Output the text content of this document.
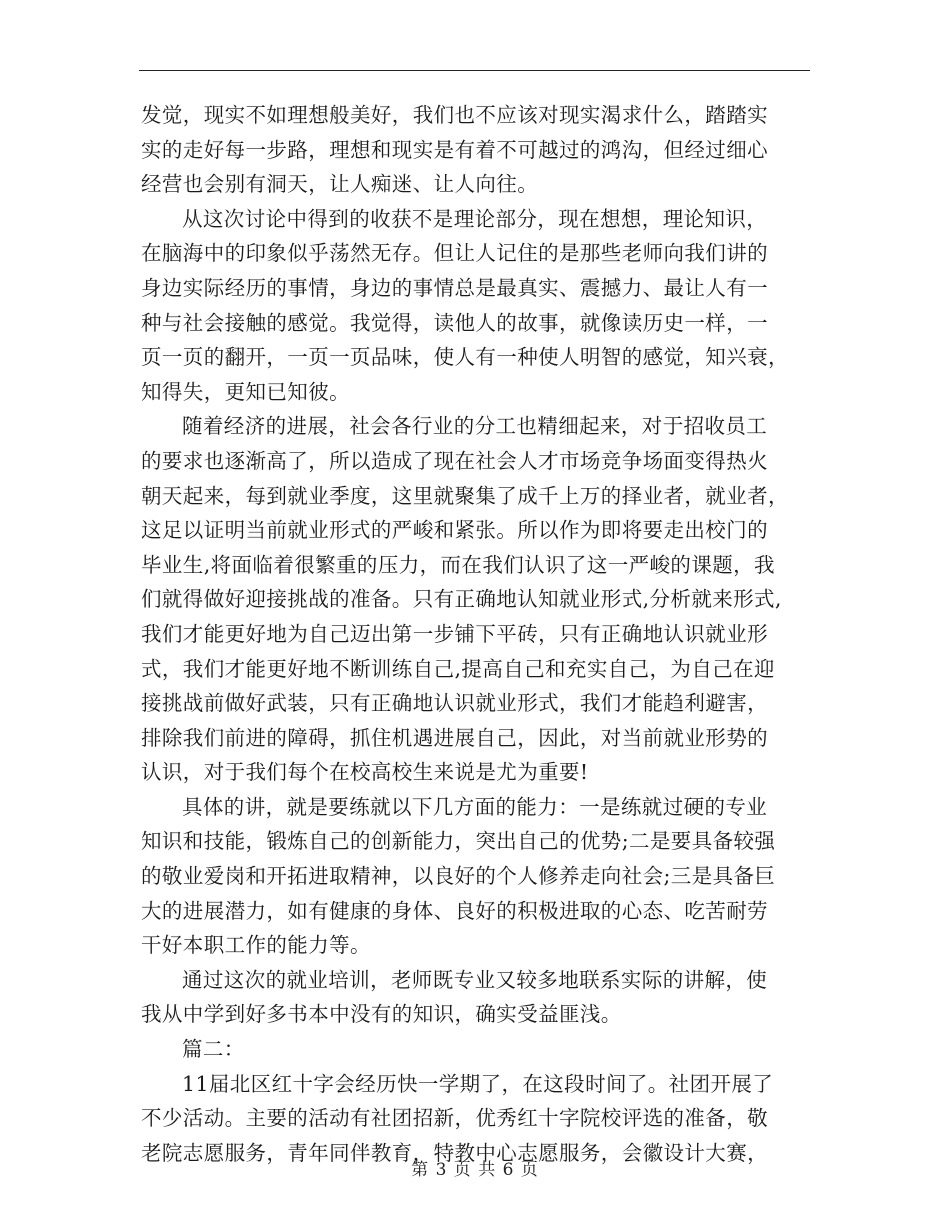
发觉，现实不如理想般美好，我们也不应该对现实渴求什么，踏踏实
实的走好每一步路，理想和现实是有着不可越过的鸿沟，但经过细心
经营也会别有洞天，让人痴迷、让人向往。
从这次讨论中得到的收获不是理论部分，现在想想，理论知识，
在脑海中的印象似乎荡然无存。但让人记住的是那些老师向我们讲的
身边实际经历的事情，身边的事情总是最真实、震撼力、最让人有一
种与社会接触的感觉。我觉得，读他人的故事，就像读历史一样，一
页一页的翻开，一页一页品味，使人有一种使人明智的感觉，知兴衰，
知得失，更知已知彼。
随着经济的进展，社会各行业的分工也精细起来，对于招收员工
的要求也逐渐高了，所以造成了现在社会人才市场竞争场面变得热火
朝天起来，每到就业季度，这里就聚集了成千上万的择业者，就业者，
这足以证明当前就业形式的严峻和紧张。所以作为即将要走出校门的
毕业生,将面临着很繁重的压力，而在我们认识了这一严峻的课题，我
们就得做好迎接挑战的准备。只有正确地认知就业形式,分析就来形式,
我们才能更好地为自己迈出第一步铺下平砖，只有正确地认识就业形
式，我们才能更好地不断训练自己,提高自己和充实自己，为自己在迎
接挑战前做好武装，只有正确地认识就业形式，我们才能趋利避害，
排除我们前进的障碍，抓住机遇进展自己，因此，对当前就业形势的
认识，对于我们每个在校高校生来说是尤为重要!
具体的讲，就是要练就以下几方面的能力：一是练就过硬的专业
知识和技能，锻炼自己的创新能力，突出自己的优势;二是要具备较强
的敬业爱岗和开拓进取精神，以良好的个人修养走向社会;三是具备巨
大的进展潜力，如有健康的身体、良好的积极进取的心态、吃苦耐劳
干好本职工作的能力等。
通过这次的就业培训，老师既专业又较多地联系实际的讲解，使
我从中学到好多书本中没有的知识，确实受益匪浅。
篇二：
11届北区红十字会经历快一学期了，在这段时间了。社团开展了
不少活动。主要的活动有社团招新，优秀红十字院校评选的准备，敬
老院志愿服务，青年同伴教育，特教中心志愿服务，会徽设计大赛，
第 3 页 共 6 页
